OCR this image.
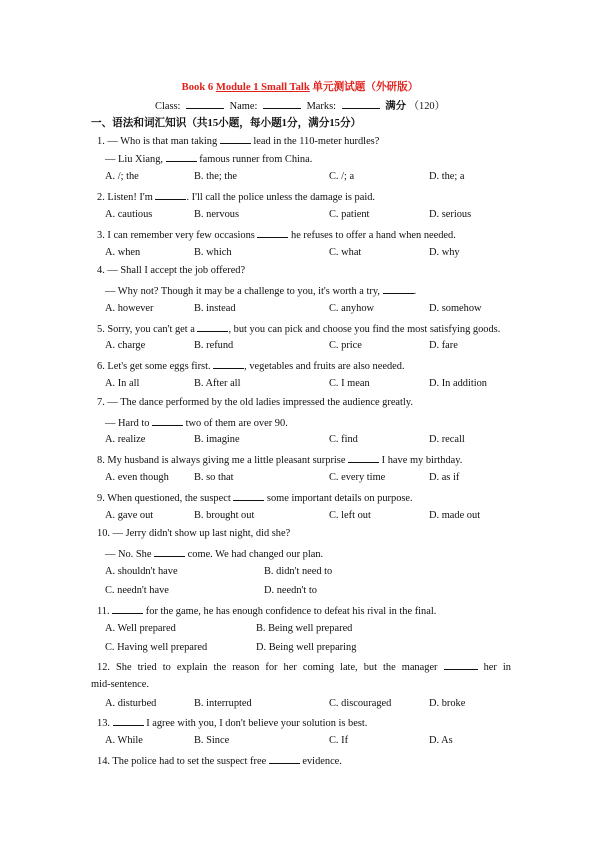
Book 6 Module 1 Small Talk 单元测试题（外研版）
Class:	Name:	Marks:	满分 （120）
一、语法和词汇知识（共15小题，每小题1分，满分15分）
1. — Who is that man taking	lead in the 110-meter hurdles?
— Liu Xiang,	famous runner from China.
A. /; the	B. the; the	C. /; a	D. the; a
2. Listen! I'm	. I'll call the police unless the damage is paid.
A. cautious	B. nervous	C. patient	D. serious
3. I can remember very few occasions	he refuses to offer a hand when needed.
A. when	B. which	C. what	D. why
4. — Shall I accept the job offered?
— Why not? Though it may be a challenge to you, it's worth a try,	.
A. however	B. instead	C. anyhow	D. somehow
5. Sorry, you can't get a	, but you can pick and choose you find the most satisfying goods.
A. charge	B. refund	C. price	D. fare
6. Let's get some eggs first.	, vegetables and fruits are also needed.
A. In all	B. After all	C. I mean	D. In addition
7. — The dance performed by the old ladies impressed the audience greatly.
— Hard to	two of them are over 90.
A. realize	B. imagine	C. find	D. recall
8. My husband is always giving me a little pleasant surprise	I have my birthday.
A. even though B. so that	C. every time	D. as if
9. When questioned, the suspect	some important details on purpose.
A. gave out	B. brought out	C. left out	D. made out
10. — Jerry didn't show up last night, did she?
— No. She	come. We had changed our plan.
A. shouldn't have	B. didn't need to
C. needn't have	D. needn't to
11.	for the game, he has enough confidence to defeat his rival in the final.
A. Well prepared	B. Being well prepared
C. Having well prepared	D. Being well preparing
12. She tried to explain the reason for her coming late, but the manager	her in
mid-sentence.
A. disturbed	B. interrupted	C. discouraged	D. broke
13.	I agree with you, I don't believe your solution is best.
A. While	B. Since	C. If	D. As
14. The police had to set the suspect free	evidence.
